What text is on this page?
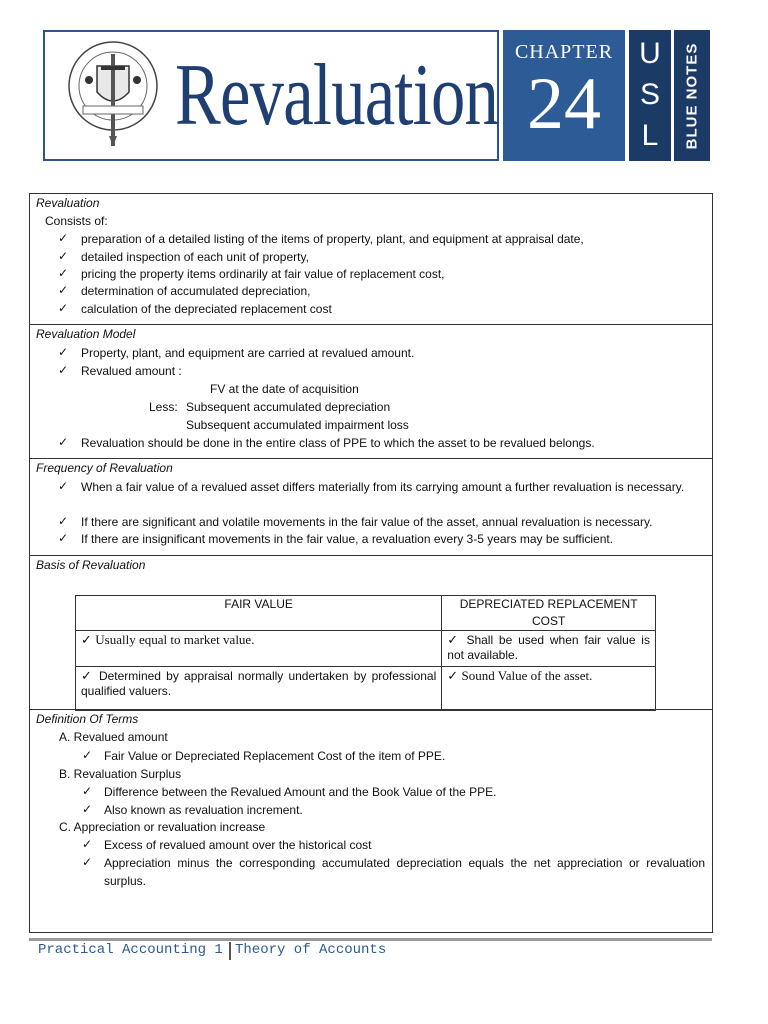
Revaluation CHAPTER
24
U
S
L	BLUE NOTES
Revaluation
Consists of:
✓ preparation of a detailed listing of the items of property, plant, and equipment at appraisal date,
✓ detailed inspection of each unit of property,
✓ pricing the property items ordinarily at fair value of replacement cost,
✓ determination of accumulated depreciation,
✓ calculation of the depreciated replacement cost
Revaluation Model
✓ Property, plant, and equipment are carried at revalued amount.
✓ Revalued amount :
FV at the date of acquisition
Less: Subsequent accumulated depreciation
Subsequent accumulated impairment loss
✓ Revaluation should be done in the entire class of PPE to which the asset to be revalued belongs.
Frequency of Revaluation
✓ When a fair value of a revalued asset differs materially from its carrying amount a further revaluation is necessary.
✓ If there are significant and volatile movements in the fair value of the asset, annual revaluation is necessary.
✓ If there are insignificant movements in the fair value, a revaluation every 3-5 years may be sufficient.
Basis of Revaluation
Definition Of Terms
A. Revalued amount
✓ Fair Value or Depreciated Replacement Cost of the item of PPE.
B. Revaluation Surplus
✓ Difference between the Revalued Amount and the Book Value of the PPE.
✓ Also known as revaluation increment.
C. Appreciation or revaluation increase
✓ Excess of revalued amount over the historical cost
✓ Appreciation minus the corresponding accumulated depreciation equals the net appreciation or revaluation surplus.
FAIR VALUE	DEPRECIATED REPLACEMENT COST
✓ Usually equal to market value.	✓ Shall be used when fair value is not available.
✓ Determined by appraisal normally undertaken by professional qualified valuers.	✓ Sound Value of the asset.
Practical Accounting 1 Theory of Accounts
